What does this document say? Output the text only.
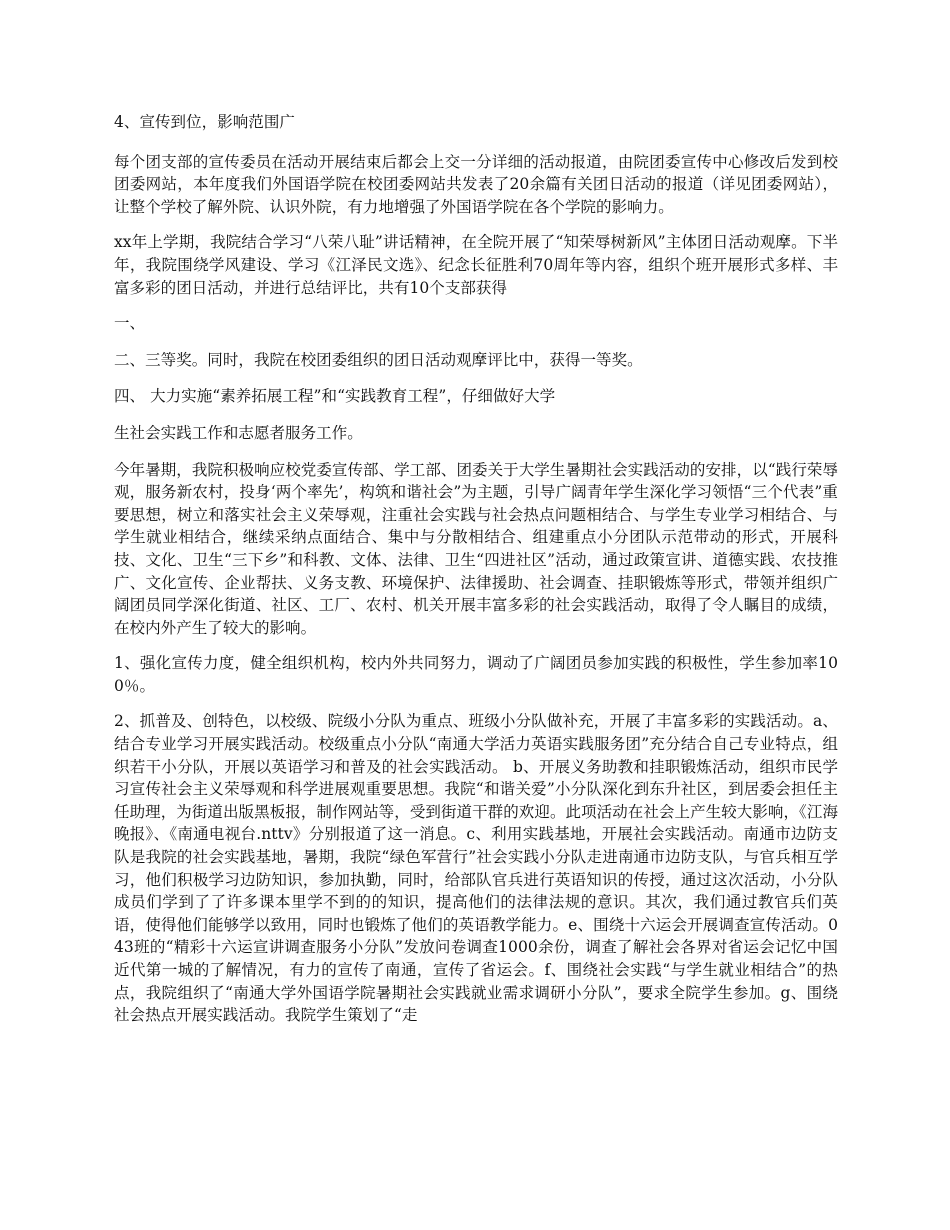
4、宣传到位，影响范围广

每个团支部的宣传委员在活动开展结束后都会上交一分详细的活动报道，由院团委宣传中心修改后发到校团委网站，本年度我们外国语学院在校团委网站共发表了20余篇有关团日活动的报道（详见团委网站），让整个学校了解外院、认识外院，有力地增强了外国语学院在各个学院的影响力。

xx年上学期，我院结合学习“八荣八耻”讲话精神，在全院开展了“知荣辱树新风”主体团日活动观摩。下半年，我院围绕学风建设、学习《江泽民文选》、纪念长征胜利70周年等内容，组织个班开展形式多样、丰富多彩的团日活动，并进行总结评比，共有10个支部获得

一、

二、三等奖。同时，我院在校团委组织的团日活动观摩评比中，获得一等奖。

四、 大力实施“素养拓展工程”和“实践教育工程”，仔细做好大学

生社会实践工作和志愿者服务工作。

今年暑期，我院积极响应校党委宣传部、学工部、团委关于大学生暑期社会实践活动的安排，以“践行荣辱观，服务新农村，投身‘两个率先’，构筑和谐社会”为主题，引导广阔青年学生深化学习领悟“三个代表”重要思想，树立和落实社会主义荣辱观，注重社会实践与社会热点问题相结合、与学生专业学习相结合、与学生就业相结合，继续采纳点面结合、集中与分散相结合、组建重点小分团队示范带动的形式，开展科技、文化、卫生“三下乡”和科教、文体、法律、卫生“四进社区”活动，通过政策宣讲、道德实践、农技推广、文化宣传、企业帮扶、义务支教、环境保护、法律援助、社会调查、挂职锻炼等形式，带领并组织广阔团员同学深化街道、社区、工厂、农村、机关开展丰富多彩的社会实践活动，取得了令人瞩目的成绩，在校内外产生了较大的影响。

1、强化宣传力度，健全组织机构，校内外共同努力，调动了广阔团员参加实践的积极性，学生参加率100％。

2、抓普及、创特色，以校级、院级小分队为重点、班级小分队做补充，开展了丰富多彩的实践活动。a、结合专业学习开展实践活动。校级重点小分队“南通大学活力英语实践服务团”充分结合自己专业特点，组织若干小分队，开展以英语学习和普及的社会实践活动。 b、开展义务助教和挂职锻炼活动，组织市民学习宣传社会主义荣辱观和科学进展观重要思想。我院“和谐关爱”小分队深化到东升社区，到居委会担任主任助理，为街道出版黑板报，制作网站等，受到街道干群的欢迎。此项活动在社会上产生较大影响，《江海晚报》、《南通电视台.nttv》分别报道了这一消息。c、利用实践基地，开展社会实践活动。南通市边防支队是我院的社会实践基地，暑期，我院“绿色军营行”社会实践小分队走进南通市边防支队，与官兵相互学习，他们积极学习边防知识，参加执勤，同时，给部队官兵进行英语知识的传授，通过这次活动，小分队成员们学到了了许多课本里学不到的的知识，提高他们的法律法规的意识。其次，我们通过教官兵们英语，使得他们能够学以致用，同时也锻炼了他们的英语教学能力。e、围绕十六运会开展调查宣传活动。043班的“精彩十六运宣讲调查服务小分队”发放问卷调查1000余份，调查了解社会各界对省运会记忆中国近代第一城的了解情况，有力的宣传了南通，宣传了省运会。f、围绕社会实践“与学生就业相结合”的热点，我院组织了“南通大学外国语学院暑期社会实践就业需求调研小分队”，要求全院学生参加。g、围绕社会热点开展实践活动。我院学生策划了“走
